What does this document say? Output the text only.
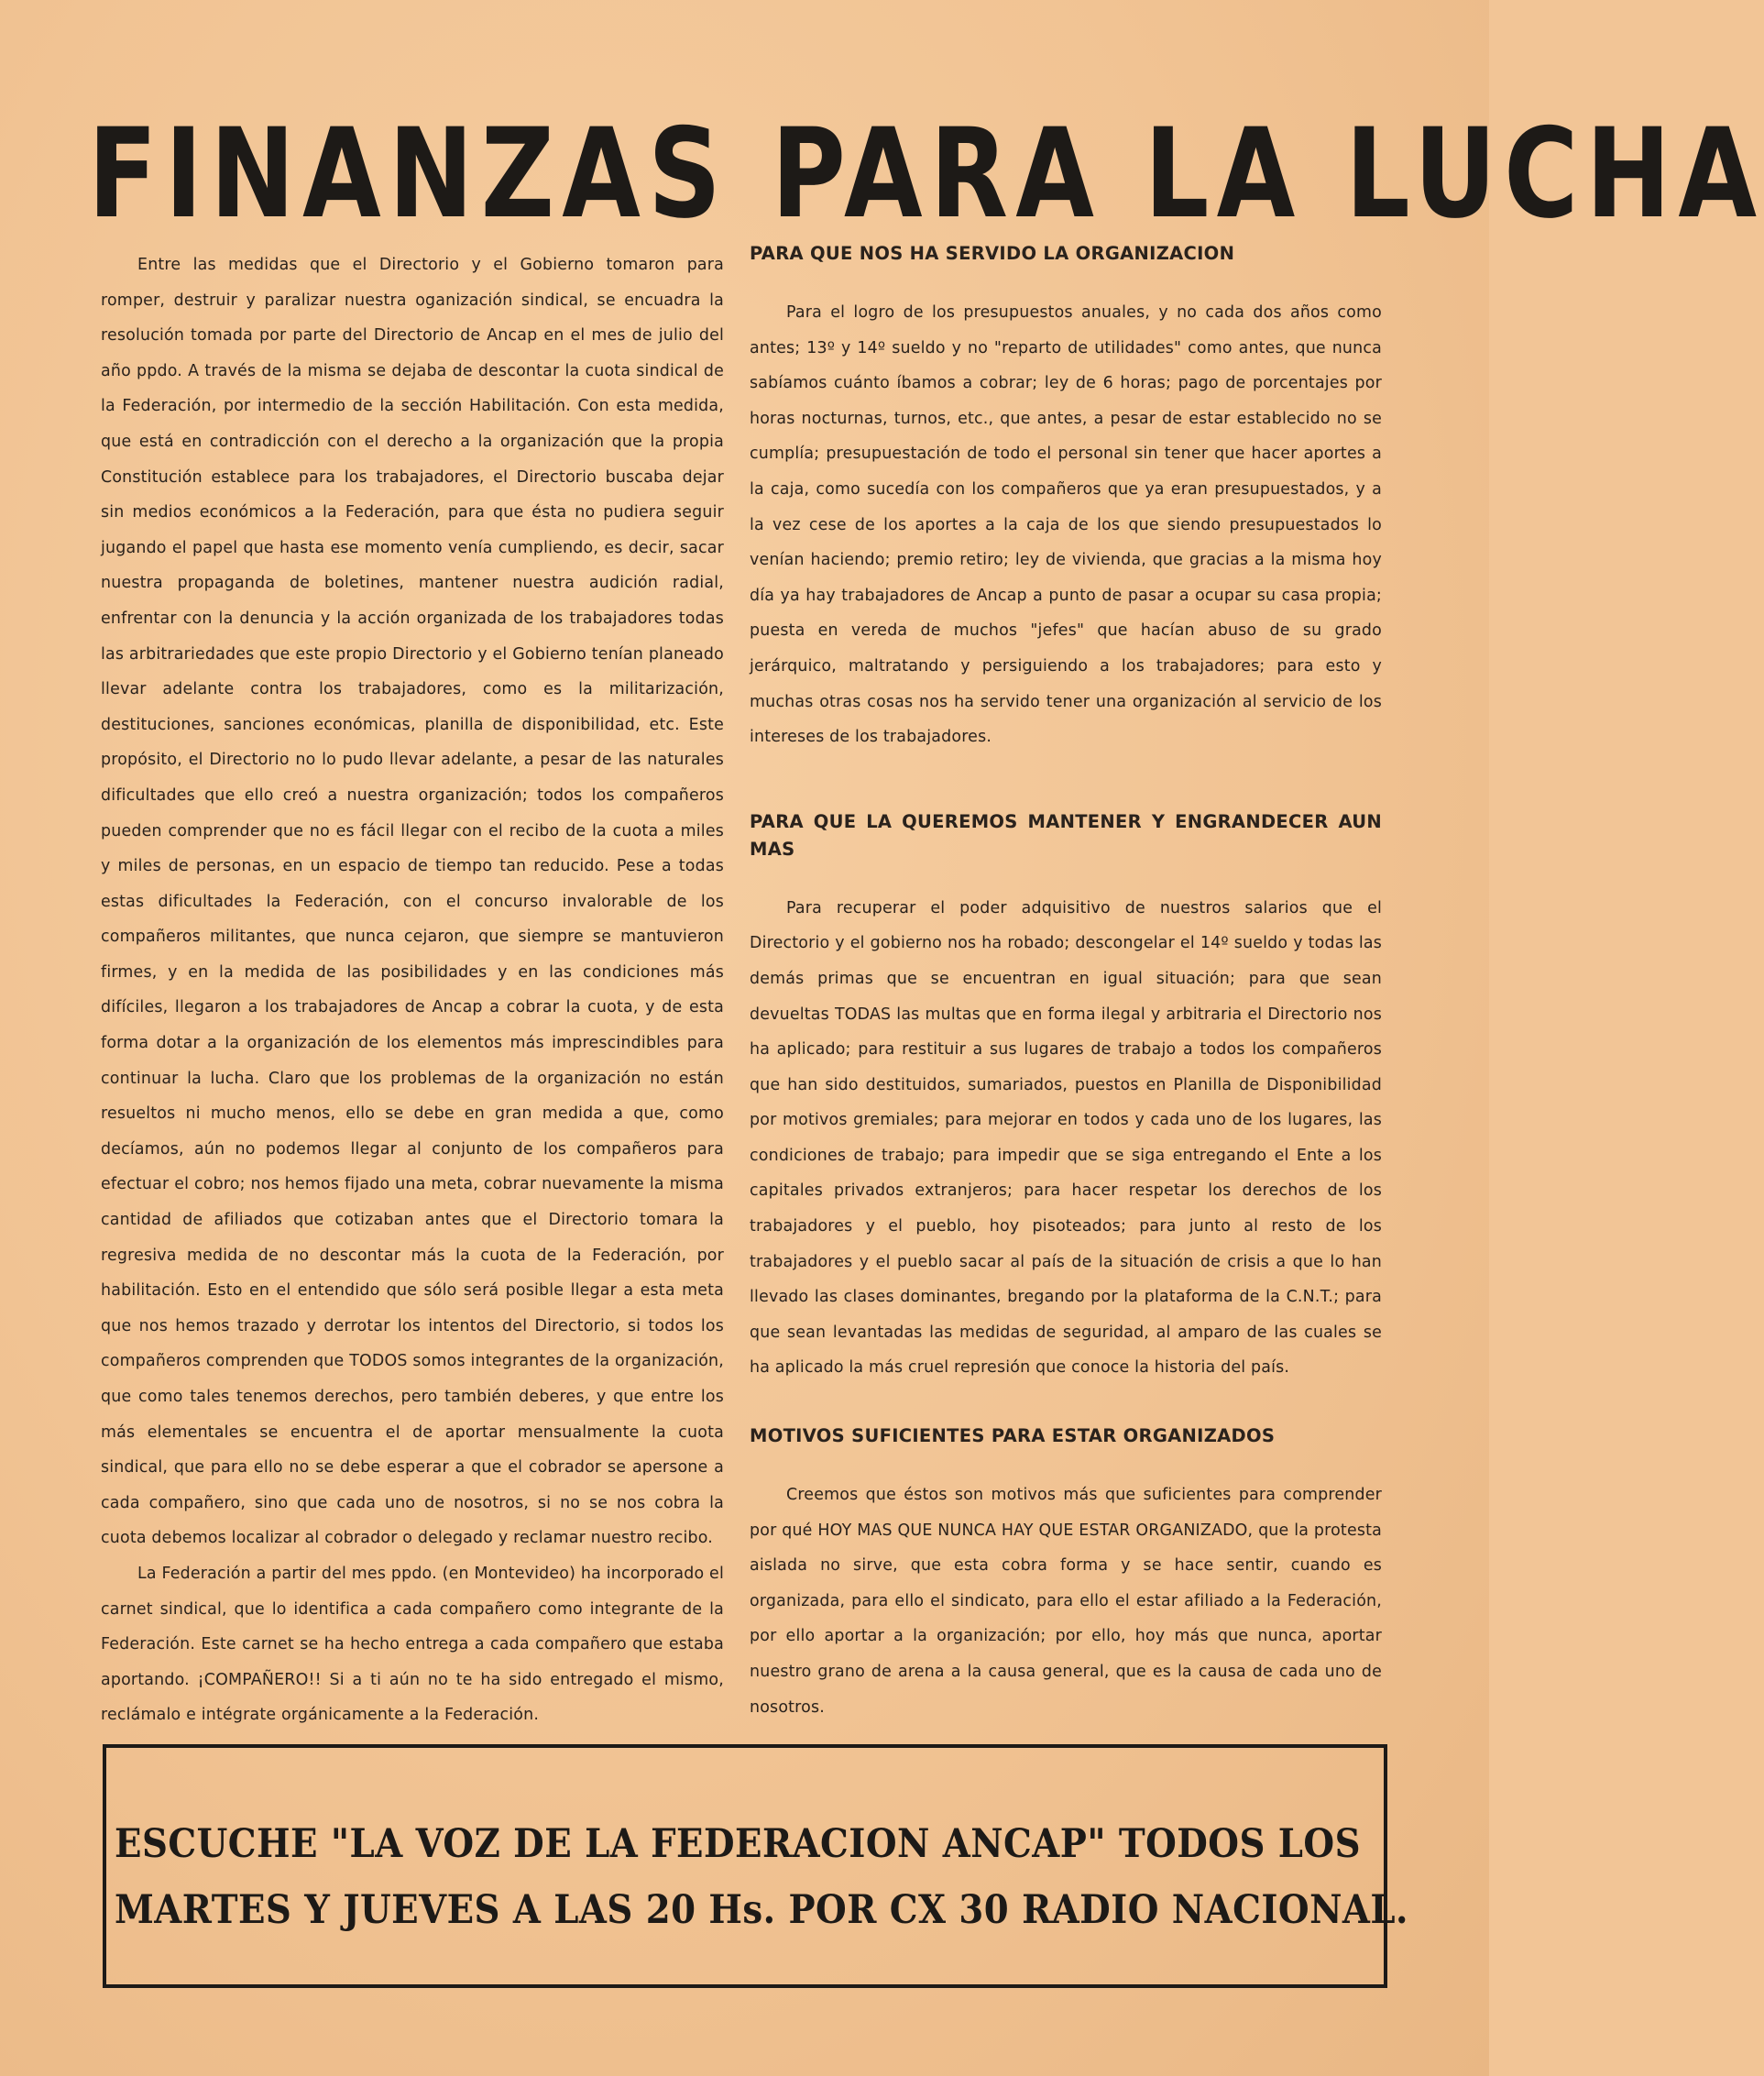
FINANZAS PARA LA LUCHA

Entre las medidas que el Directorio y el Gobierno tomaron para romper, destruir y paralizar nuestra oganización sindical, se encuadra la resolución tomada por parte del Directorio de Ancap en el mes de julio del año ppdo. A través de la misma se dejaba de descontar la cuota sindical de la Federación, por intermedio de la sección Habilitación. Con esta medida, que está en contradicción con el derecho a la organización que la propia Constitución establece para los trabajadores, el Directorio buscaba dejar sin medios económicos a la Federación, para que ésta no pudiera seguir jugando el papel que hasta ese momento venía cumpliendo, es decir, sacar nuestra propaganda de boletines, mantener nuestra audición radial, enfrentar con la denuncia y la acción organizada de los trabajadores todas las arbitrariedades que este propio Directorio y el Gobierno tenían planeado llevar adelante contra los trabajadores, como es la militarización, destituciones, sanciones económicas, planilla de disponibilidad, etc. Este propósito, el Directorio no lo pudo llevar adelante, a pesar de las naturales dificultades que ello creó a nuestra organización; todos los compañeros pueden comprender que no es fácil llegar con el recibo de la cuota a miles y miles de personas, en un espacio de tiempo tan reducido. Pese a todas estas dificultades la Federación, con el concurso invalorable de los compañeros militantes, que nunca cejaron, que siempre se mantuvieron firmes, y en la medida de las posibilidades y en las condiciones más difíciles, llegaron a los trabajadores de Ancap a cobrar la cuota, y de esta forma dotar a la organización de los elementos más imprescindibles para continuar la lucha. Claro que los problemas de la organización no están resueltos ni mucho menos, ello se debe en gran medida a que, como decíamos, aún no podemos llegar al conjunto de los compañeros para efectuar el cobro; nos hemos fijado una meta, cobrar nuevamente la misma cantidad de afiliados que cotizaban antes que el Directorio tomara la regresiva medida de no descontar más la cuota de la Federación, por habilitación. Esto en el entendido que sólo será posible llegar a esta meta que nos hemos trazado y derrotar los intentos del Directorio, si todos los compañeros comprenden que TODOS somos integrantes de la organización, que como tales tenemos derechos, pero también deberes, y que entre los más elementales se encuentra el de aportar mensualmente la cuota sindical, que para ello no se debe esperar a que el cobrador se apersone a cada compañero, sino que cada uno de nosotros, si no se nos cobra la cuota debemos localizar al cobrador o delegado y reclamar nuestro recibo.

La Federación a partir del mes ppdo. (en Montevideo) ha incorporado el carnet sindical, que lo identifica a cada compañero como integrante de la Federación. Este carnet se ha hecho entrega a cada compañero que estaba aportando. ¡COMPAÑERO!! Si a ti aún no te ha sido entregado el mismo, reclámalo e intégrate orgánicamente a la Federación.

PARA QUE NOS HA SERVIDO LA ORGANIZACION

Para el logro de los presupuestos anuales, y no cada dos años como antes; 13º y 14º sueldo y no "reparto de utilidades" como antes, que nunca sabíamos cuánto íbamos a cobrar; ley de 6 horas; pago de porcentajes por horas nocturnas, turnos, etc., que antes, a pesar de estar establecido no se cumplía; presupuestación de todo el personal sin tener que hacer aportes a la caja, como sucedía con los compañeros que ya eran presupuestados, y a la vez cese de los aportes a la caja de los que siendo presupuestados lo venían haciendo; premio retiro; ley de vivienda, que gracias a la misma hoy día ya hay trabajadores de Ancap a punto de pasar a ocupar su casa propia; puesta en vereda de muchos "jefes" que hacían abuso de su grado jerárquico, maltratando y persiguiendo a los trabajadores; para esto y muchas otras cosas nos ha servido tener una organización al servicio de los intereses de los trabajadores.

PARA QUE LA QUEREMOS MANTENER Y ENGRANDECER AUN MAS

Para recuperar el poder adquisitivo de nuestros salarios que el Directorio y el gobierno nos ha robado; descongelar el 14º sueldo y todas las demás primas que se encuentran en igual situación; para que sean devueltas TODAS las multas que en forma ilegal y arbitraria el Directorio nos ha aplicado; para restituir a sus lugares de trabajo a todos los compañeros que han sido destituidos, sumariados, puestos en Planilla de Disponibilidad por motivos gremiales; para mejorar en todos y cada uno de los lugares, las condiciones de trabajo; para impedir que se siga entregando el Ente a los capitales privados extranjeros; para hacer respetar los derechos de los trabajadores y el pueblo, hoy pisoteados; para junto al resto de los trabajadores y el pueblo sacar al país de la situación de crisis a que lo han llevado las clases dominantes, bregando por la plataforma de la C.N.T.; para que sean levantadas las medidas de seguridad, al amparo de las cuales se ha aplicado la más cruel represión que conoce la historia del país.

MOTIVOS SUFICIENTES PARA ESTAR ORGANIZADOS

Creemos que éstos son motivos más que suficientes para comprender por qué HOY MAS QUE NUNCA HAY QUE ESTAR ORGANIZADO, que la protesta aislada no sirve, que esta cobra forma y se hace sentir, cuando es organizada, para ello el sindicato, para ello el estar afiliado a la Federación, por ello aportar a la organización; por ello, hoy más que nunca, aportar nuestro grano de arena a la causa general, que es la causa de cada uno de nosotros.

ESCUCHE "LA VOZ DE LA FEDERACION ANCAP" TODOS LOS
MARTES Y JUEVES A LAS 20 Hs. POR CX 30 RADIO NACIONAL.
